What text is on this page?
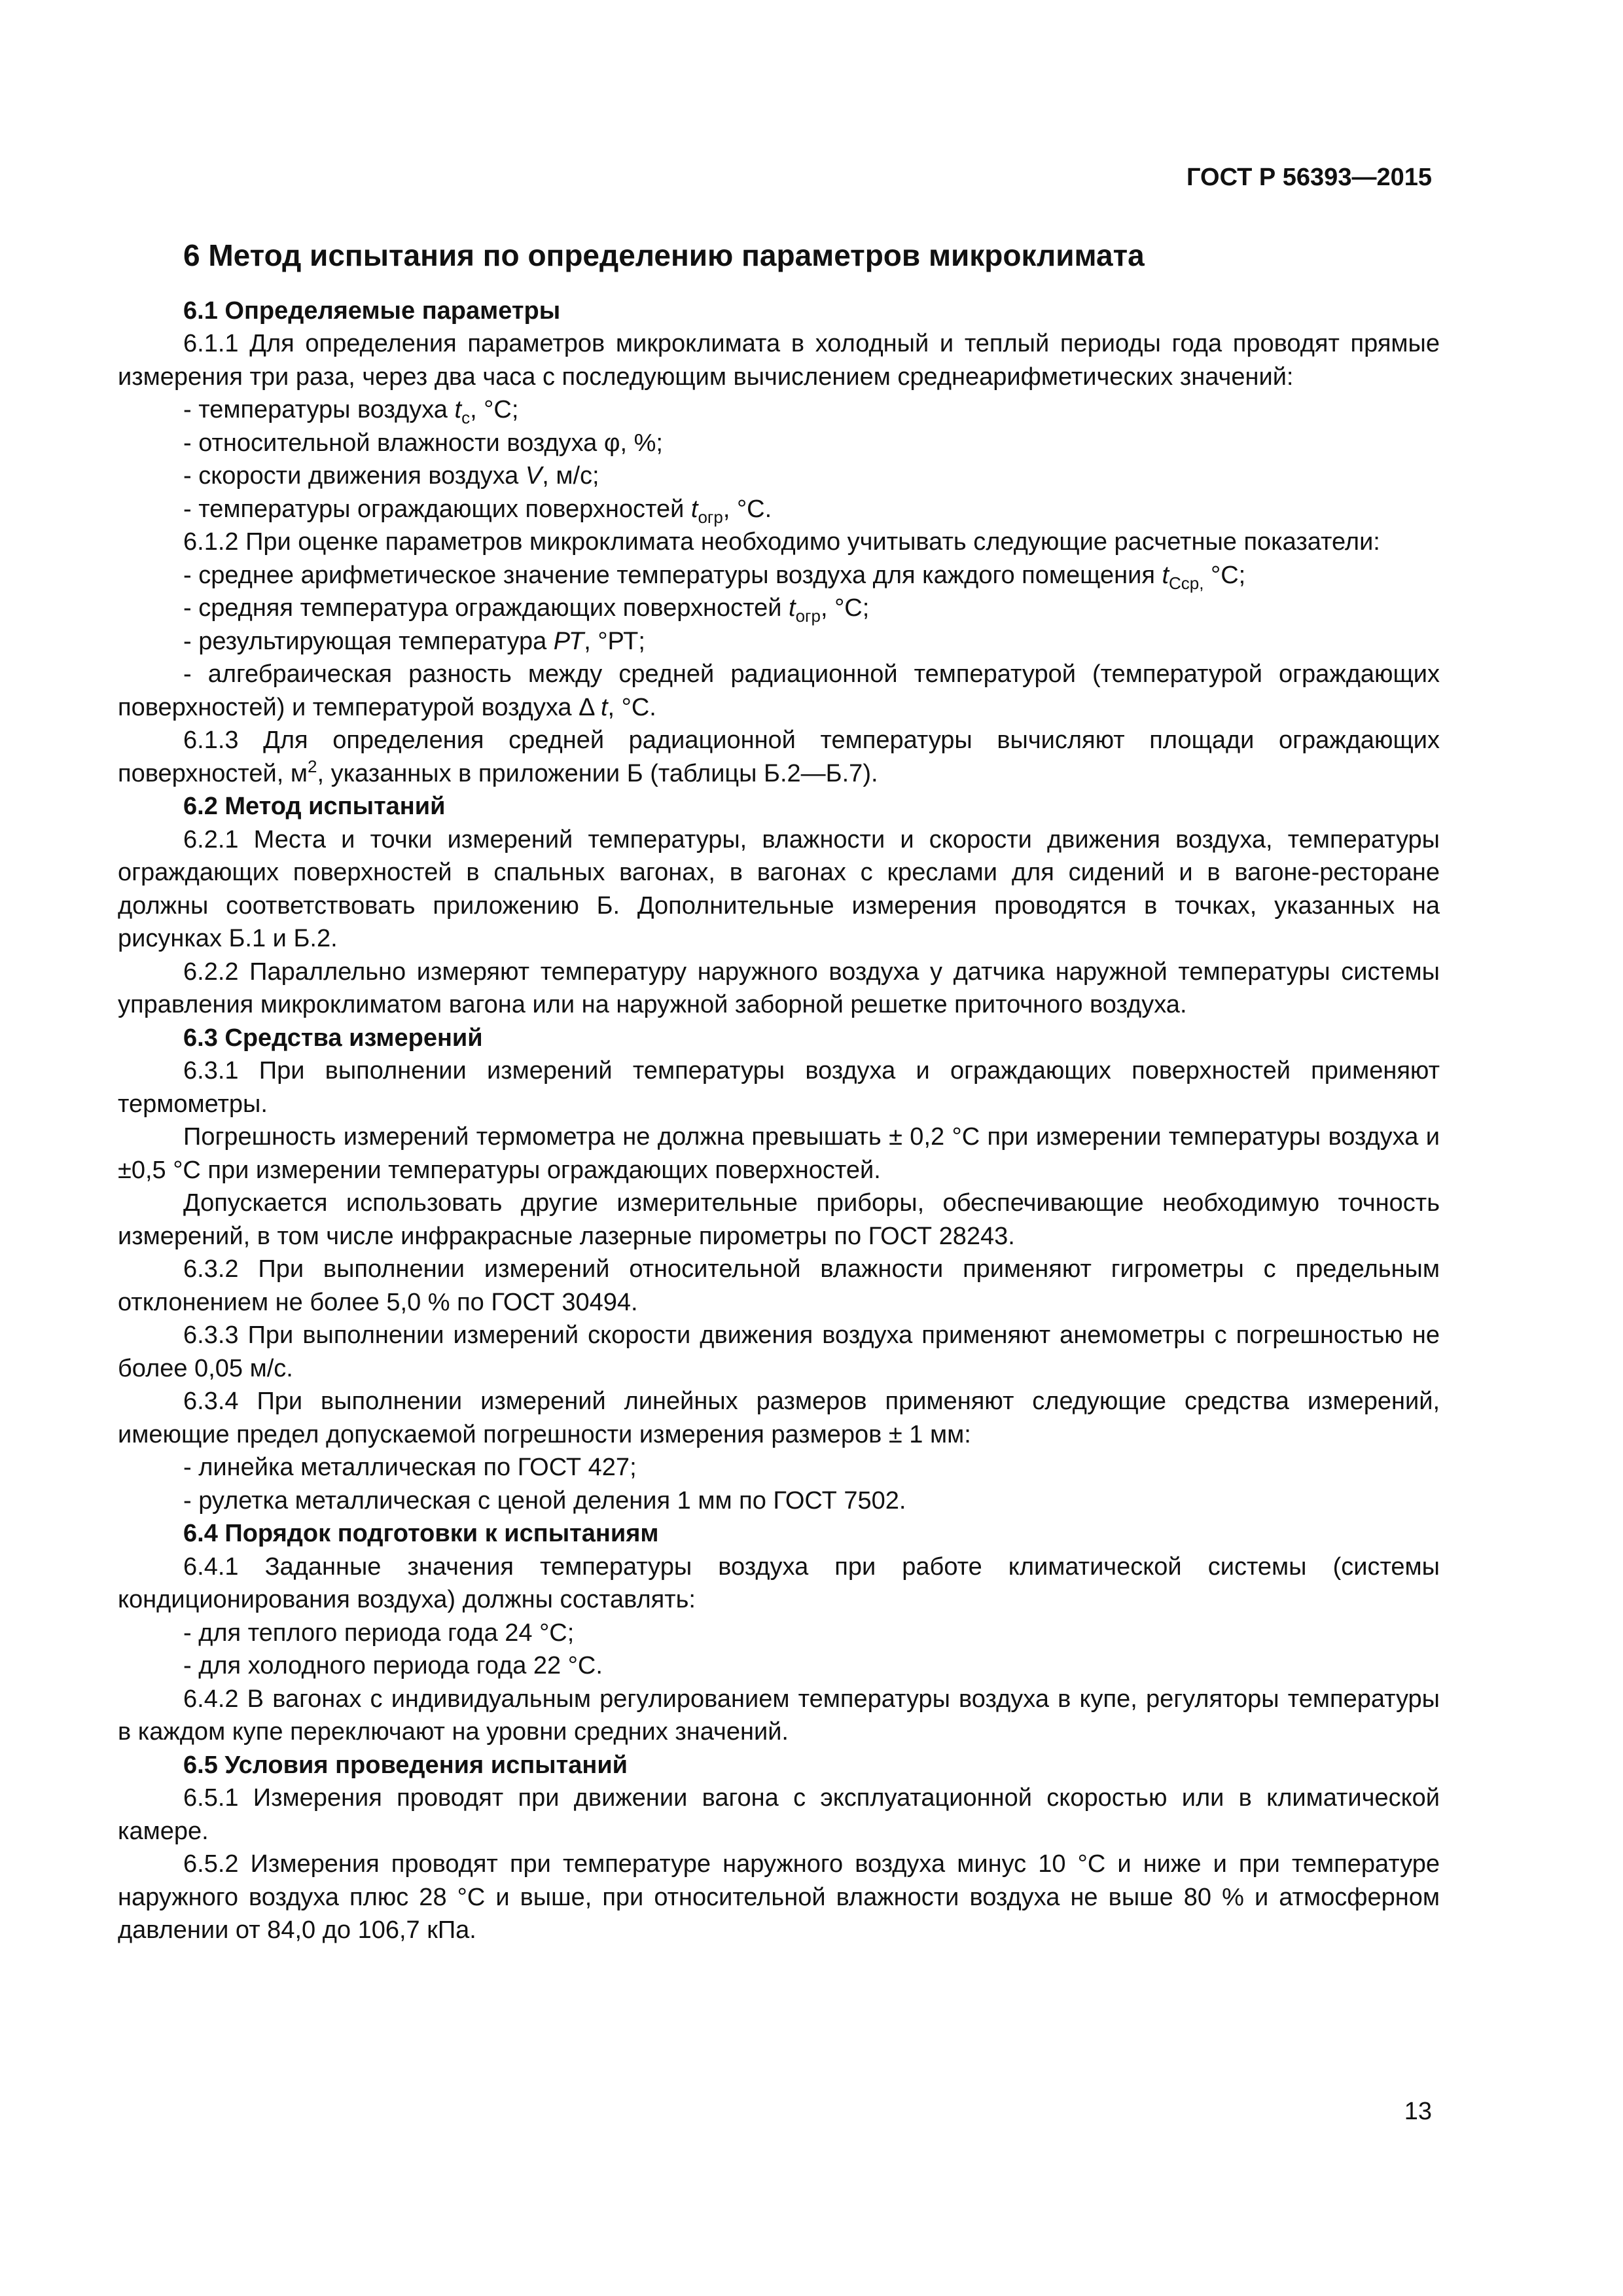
ГОСТ Р 56393—2015
6 Метод испытания по определению параметров микроклимата
6.1 Определяемые параметры

6.1.1 Для определения параметров микроклимата в холодный и теплый периоды года проводят прямые измерения три раза, через два часа с последующим вычислением среднеарифметических значений:

- температуры воздуха $t_с$, °С;

- относительной влажности воздуха φ, %;

- скорости движения воздуха V, м/с;

- температуры ограждающих поверхностей $t_{огр}$, °С.

6.1.2 При оценке параметров микроклимата необходимо учитывать следующие расчетные показатели:

- среднее арифметическое значение температуры воздуха для каждого помещения $t_{Сср,}$ °С;

- средняя температура ограждающих поверхностей $t_{огр}$, °С;

- результирующая температура РТ, °РТ;

- алгебраическая разность между средней радиационной температурой (температурой ограждающих поверхностей) и температурой воздуха Δ t, °С.

6.1.3 Для определения средней радиационной температуры вычисляют площади ограждающих поверхностей, $м^2$, указанных в приложении Б (таблицы Б.2—Б.7).

6.2 Метод испытаний

6.2.1 Места и точки измерений температуры, влажности и скорости движения воздуха, температуры ограждающих поверхностей в спальных вагонах, в вагонах с креслами для сидений и в вагоне-ресторане должны соответствовать приложению Б. Дополнительные измерения проводятся в точках, указанных на рисунках Б.1 и Б.2.

6.2.2 Параллельно измеряют температуру наружного воздуха у датчика наружной температуры системы управления микроклиматом вагона или на наружной заборной решетке приточного воздуха.

6.3 Средства измерений

6.3.1 При выполнении измерений температуры воздуха и ограждающих поверхностей применяют термометры.

Погрешность измерений термометра не должна превышать ± 0,2 °С при измерении температуры воздуха и ±0,5 °С при измерении температуры ограждающих поверхностей.

Допускается использовать другие измерительные приборы, обеспечивающие необходимую точность измерений, в том числе инфракрасные лазерные пирометры по ГОСТ 28243.

6.3.2 При выполнении измерений относительной влажности применяют гигрометры с предельным отклонением не более 5,0 % по ГОСТ 30494.

6.3.3 При выполнении измерений скорости движения воздуха применяют анемометры с погрешностью не более 0,05 м/с.

6.3.4 При выполнении измерений линейных размеров применяют следующие средства измерений, имеющие предел допускаемой погрешности измерения размеров ± 1 мм:

- линейка металлическая по ГОСТ 427;

- рулетка металлическая с ценой деления 1 мм по ГОСТ 7502.

6.4 Порядок подготовки к испытаниям

6.4.1 Заданные значения температуры воздуха при работе климатической системы (системы кондиционирования воздуха) должны составлять:

- для теплого периода года 24 °С;

- для холодного периода года 22 °С.

6.4.2 В вагонах с индивидуальным регулированием температуры воздуха в купе, регуляторы температуры в каждом купе переключают на уровни средних значений.

6.5 Условия проведения испытаний

6.5.1 Измерения проводят при движении вагона с эксплуатационной скоростью или в климатической камере.

6.5.2 Измерения проводят при температуре наружного воздуха минус 10 °С и ниже и при температуре наружного воздуха плюс 28 °С и выше, при относительной влажности воздуха не выше 80 % и атмосферном давлении от 84,0 до 106,7 кПа.

13
